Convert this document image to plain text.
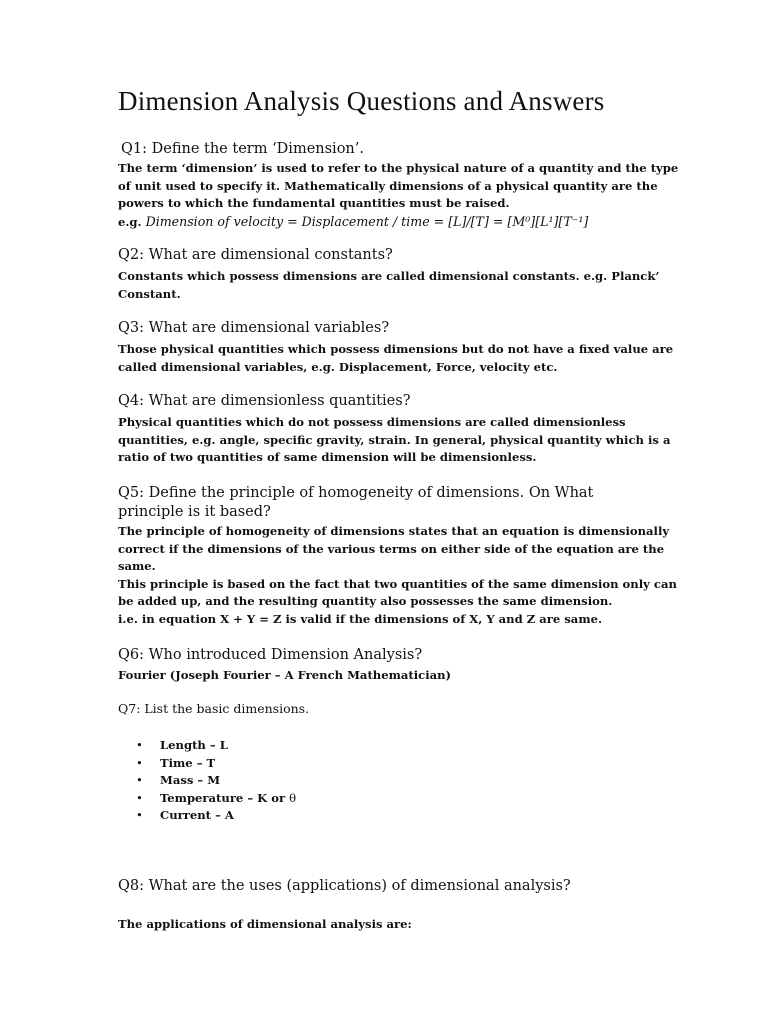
Dimension Analysis Questions and Answers

Q1: Define the term ‘Dimension’.

The term ‘dimension’ is used to refer to the physical nature of a quantity and the type
of unit used to specify it. Mathematically dimensions of a physical quantity are the
powers to which the fundamental quantities must be raised.
e.g. Dimension of velocity = Displacement / time = [L]/[T] = [M⁰][L¹][T⁻¹]

Q2: What are dimensional constants?

Constants which possess dimensions are called dimensional constants. e.g. Planck’
Constant.

Q3: What are dimensional variables?

Those physical quantities which possess dimensions but do not have a fixed value are
called dimensional variables, e.g. Displacement, Force, velocity etc.

Q4: What are dimensionless quantities?

Physical quantities which do not possess dimensions are called dimensionless
quantities, e.g. angle, specific gravity, strain. In general, physical quantity which is a
ratio of two quantities of same dimension will be dimensionless.

Q5: Define the principle of homogeneity of dimensions. On What principle is it based?

The principle of homogeneity of dimensions states that an equation is dimensionally
correct if the dimensions of the various terms on either side of the equation are the
same.
This principle is based on the fact that two quantities of the same dimension only can
be added up, and the resulting quantity also possesses the same dimension.
i.e. in equation X + Y = Z is valid if the dimensions of X, Y and Z are same.

Q6: Who introduced Dimension Analysis?

Fourier (Joseph Fourier – A French Mathematician)

Q7: List the basic dimensions.

• Length – L
• Time – T
• Mass – M
• Temperature – K or θ
• Current – A

Q8: What are the uses (applications) of dimensional analysis?

The applications of dimensional analysis are:
